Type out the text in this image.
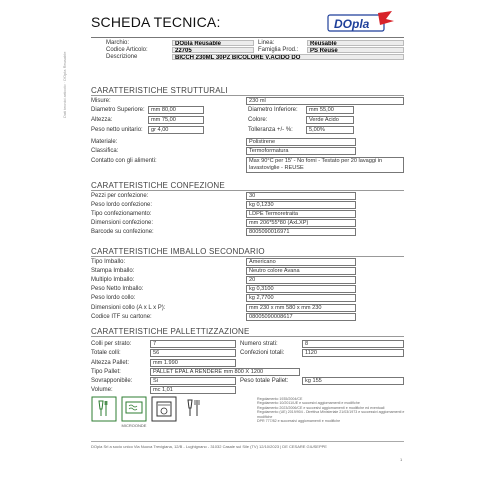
SCHEDA TECNICA:	DOpla
Marchio:	DOpla Reusable	Linea:	Reusable
Codice Articolo:	22705	Famiglia Prod.:	PS Reuse
Descrizione	BICCH 230ML 30PZ BICOLORE V.ACIDO DO
Dati tecnici articolo · DOpla Reusable	CARATTERISTICHE STRUTTURALI
Misure:	230 ml
Diametro Superiore:	mm 80,00	Diametro Inferiore:	mm 55,00
Altezza:	mm 75,00	Colore:	Verde Acido
Peso netto unitario:	gr 4,00	Tolleranza +/- %:	5,00%
Materiale:	Polistirene
Classifica:	Termoformatura
Contatto con gli alimenti:	Max 90°C per 15' - No forni - Testato per 20 lavaggi in lavastoviglie - REUSE
CARATTERISTICHE CONFEZIONE
Pezzi per confezione:	30
Peso lordo confezione:	kg 0,1230
Tipo confezionamento:	LDPE Termoretraita
Dimensioni confezione:	mm 206*55*80 (AxLXP)
Barcode su confezione:	8005090016971
CARATTERISTICHE IMBALLO SECONDARIO
Tipo Imballo:	Americano
Stampa Imballo:	Neutro colore Avana
Multiplo Imballo:	20
Peso Netto Imballo:	kg 0,3100
Peso lordo collo:	kg 2,7700
Dimensioni collo (A x L x P):	mm 230 x mm 580 x mm 230
Codice ITF su cartone:	08005090008617
CARATTERISTICHE PALLETTIZZAZIONE
Colli per strato:	7	Numero strati:	8
Totale colli:	56	Confezioni totali:	1120
Altezza Pallet:	mm 1.990
Tipo Pallet:	PALLET EPAL A RENDERE mm 800 X 1200
Sovrapponibile:	Si	Peso totale Pallet:	kg 155
Volume:	mc 1,01
MICROONDE
Regolamento 1935/2004/CE
Regolamento 10/2011/UE e succesivi aggiornamenti e modifiche
Regolamento 2023/2006/CE e succesivi aggiornamenti e modifiche ed eventuali
Regolamento (UE) 2019/904 - Direttiva Ministeriale 21/03/1973 e successivi aggiornamenti e modifiche
DPR 777/82 e successivi aggiornamenti e modifiche
DOpla Srl a socio unico Via Nuova Trevigiana, 12/B - Lughignano - 31032 Casale sul Sile (TV) 12/10/2023 | DE CESARE GIUSEPPE
1
